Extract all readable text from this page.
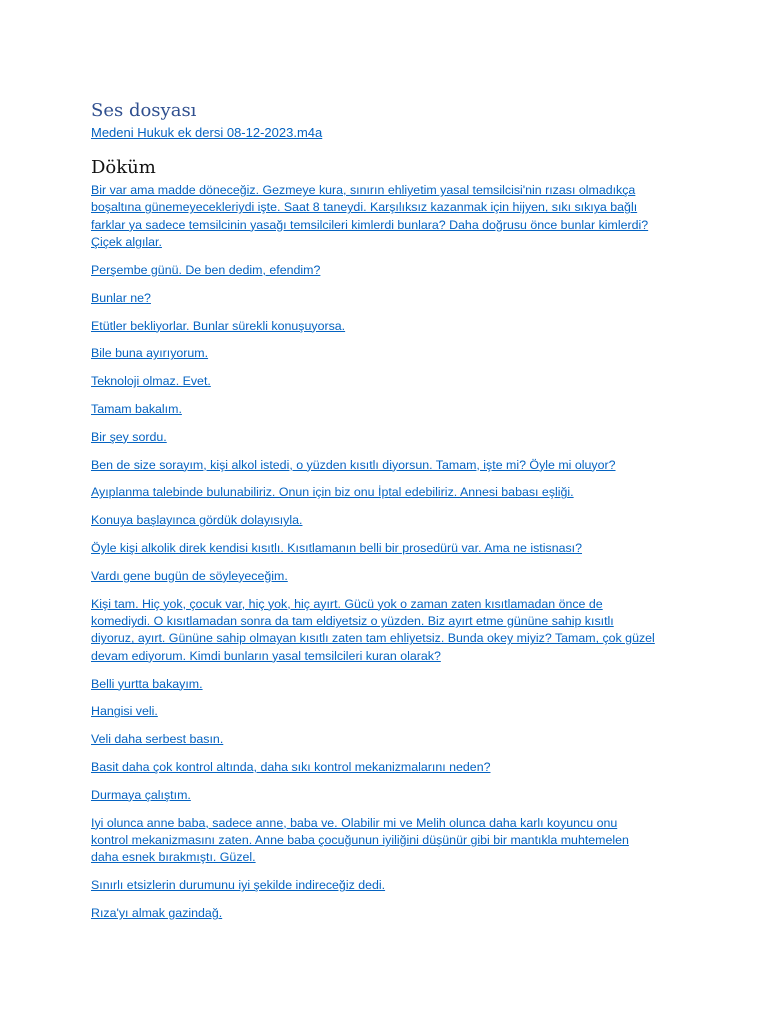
Ses dosyası
Medeni Hukuk ek dersi 08-12-2023.m4a
Döküm

Bir var ama madde döneceğiz. Gezmeye kura, sınırın ehliyetim yasal temsilcisi'nin rızası olmadıkça
boşaltına günemeyecekleriydi işte. Saat 8 taneydi. Karşılıksız kazanmak için hijyen, sıkı sıkıya bağlı
farklar ya sadece temsilcinin yasağı temsilcileri kimlerdi bunlara? Daha doğrusu önce bunlar kimlerdi?
Çiçek algılar.

Perşembe günü. De ben dedim, efendim?

Bunlar ne?

Etütler bekliyorlar. Bunlar sürekli konuşuyorsa.

Bile buna ayırıyorum.

Teknoloji olmaz. Evet.

Tamam bakalım.

Bir şey sordu.

Ben de size sorayım, kişi alkol istedi, o yüzden kısıtlı diyorsun. Tamam, işte mi? Öyle mi oluyor?

Ayıplanma talebinde bulunabiliriz. Onun için biz onu İptal edebiliriz. Annesi babası eşliği.

Konuya başlayınca gördük dolayısıyla.

Öyle kişi alkolik direk kendisi kısıtlı. Kısıtlamanın belli bir prosedürü var. Ama ne istisnası?

Vardı gene bugün de söyleyeceğim.

Kişi tam. Hiç yok, çocuk var, hiç yok, hiç ayırt. Gücü yok o zaman zaten kısıtlamadan önce de
komediydi. O kısıtlamadan sonra da tam eldiyetsiz o yüzden. Biz ayırt etme gününe sahip kısıtlı
diyoruz, ayırt. Gününe sahip olmayan kısıtlı zaten tam ehliyetsiz. Bunda okey miyiz? Tamam, çok güzel
devam ediyorum. Kimdi bunların yasal temsilcileri kuran olarak?

Belli yurtta bakayım.

Hangisi veli.

Veli daha serbest basın.

Basit daha çok kontrol altında, daha sıkı kontrol mekanizmalarını neden?

Durmaya çalıştım.

Iyi olunca anne baba, sadece anne, baba ve. Olabilir mi ve Melih olunca daha karlı koyuncu onu
kontrol mekanizmasını zaten. Anne baba çocuğunun iyiliğini düşünür gibi bir mantıkla muhtemelen
daha esnek bırakmıştı. Güzel.

Sınırlı etsizlerin durumunu iyi şekilde indireceğiz dedi.

Rıza'yı almak gazindağ.
